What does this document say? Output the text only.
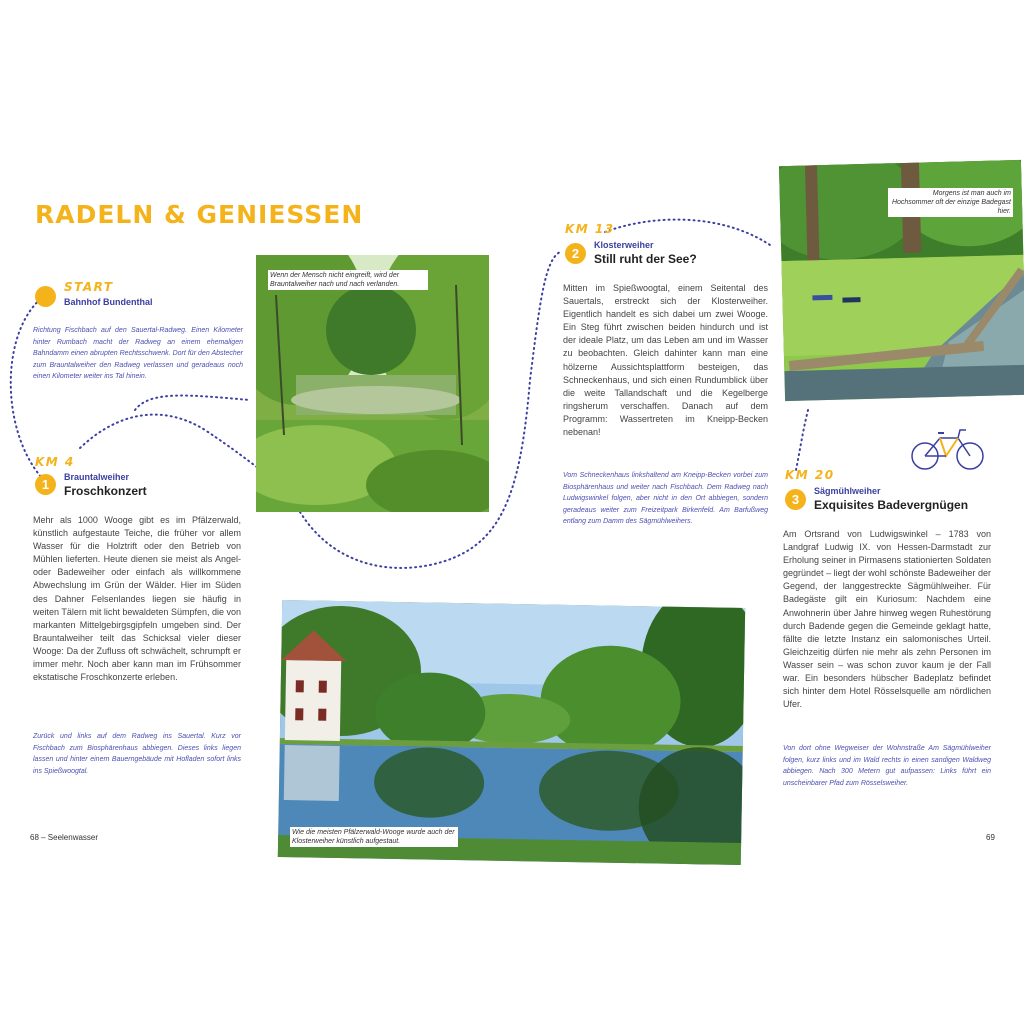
RADELN & GENIESSEN
START
Bahnhof Bundenthal
Richtung Fischbach auf den Sauertal-Radweg. Einen Kilometer hinter Rumbach macht der Radweg an einem ehemaligen Bahndamm einen abrupten Rechtsschwenk. Dort für den Abstecher zum Brauntalweiher den Radweg verlassen und geradeaus noch einen Kilometer weiter ins Tal hinein.
KM 4
1	Brauntalweiher
Froschkonzert
Mehr als 1000 Wooge gibt es im Pfälzerwald, künstlich aufgestaute Teiche, die früher vor allem Wasser für die Holztrift oder den Betrieb von Mühlen lieferten. Heute dienen sie meist als Angel- oder Badeweiher oder einfach als willkommene Abwechslung im Grün der Wälder. Hier im Süden des Dahner Felsenlandes liegen sie häufig in weiten Tälern mit licht bewaldeten Sümpfen, die von markanten Mittelgebirgsgipfeln umgeben sind. Der Brauntalweiher teilt das Schicksal vieler dieser Wooge: Da der Zufluss oft schwächelt, schrumpft er immer mehr. Noch aber kann man im Frühsommer ekstatische Froschkonzerte erleben.
Zurück und links auf dem Radweg ins Sauertal. Kurz vor Fischbach zum Biosphärenhaus abbiegen. Dieses links liegen lassen und hinter einem Bauerngebäude mit Hofladen sofort links ins Spießwoogtal.
Wenn der Mensch nicht eingreift, wird der Brauntalweiher nach und nach verlanden.
KM 13
2
Klosterweiher
Still ruht der See?
Mitten im Spießwoogtal, einem Seitental des Sauertals, erstreckt sich der Klosterweiher. Eigentlich handelt es sich dabei um zwei Wooge. Ein Steg führt zwischen beiden hindurch und ist der ideale Platz, um das Leben am und im Wasser zu beobachten. Gleich dahinter kann man eine hölzerne Aussichtsplattform besteigen, das Schneckenhaus, und sich einen Rundumblick über die weite Tallandschaft und die Kegelberge ringsherum verschaffen. Danach auf dem Programm: Wassertreten im Kneipp-Becken nebenan!
Vom Schneckenhaus linkshaltend am Kneipp-Becken vorbei zum Biosphärenhaus und weiter nach Fischbach. Dem Radweg nach Ludwigswinkel folgen, aber nicht in den Ort abbiegen, sondern geradeaus weiter zum Freizeitpark Birkenfeld. Am Barfußweg entlang zum Damm des Sägmühlweihers.
Morgens ist man auch im Hochsommer oft der einzige Badegast hier.
KM 20
3
Sägmühlweiher
Exquisites Badevergnügen
Am Ortsrand von Ludwigswinkel – 1783 von Landgraf Ludwig IX. von Hessen-Darmstadt zur Erholung seiner in Pirmasens stationierten Soldaten gegründet – liegt der wohl schönste Badeweiher der Gegend, der langgestreckte Sägmühlweiher. Für Badegäste gilt ein Kuriosum: Nachdem eine Anwohnerin über Jahre hinweg wegen Ruhestörung durch Badende gegen die Gemeinde geklagt hatte, fällte die letzte Instanz ein salomonisches Urteil. Gleichzeitig dürfen nie mehr als zehn Personen im Wasser sein – was schon zuvor kaum je der Fall war. Ein besonders hübscher Badeplatz befindet sich hinter dem Hotel Rösselsquelle am nördlichen Ufer.
Von dort ohne Wegweiser der Wohnstraße Am Sägmühlweiher folgen, kurz links und im Wald rechts in einen sandigen Waldweg abbiegen. Nach 300 Metern gut aufpassen: Links führt ein unscheinbarer Pfad zum Rösselsweiher.
Wie die meisten Pfälzerwald-Wooge wurde auch der Klosterweiher künstlich aufgestaut.
68 – Seelenwasser	69
